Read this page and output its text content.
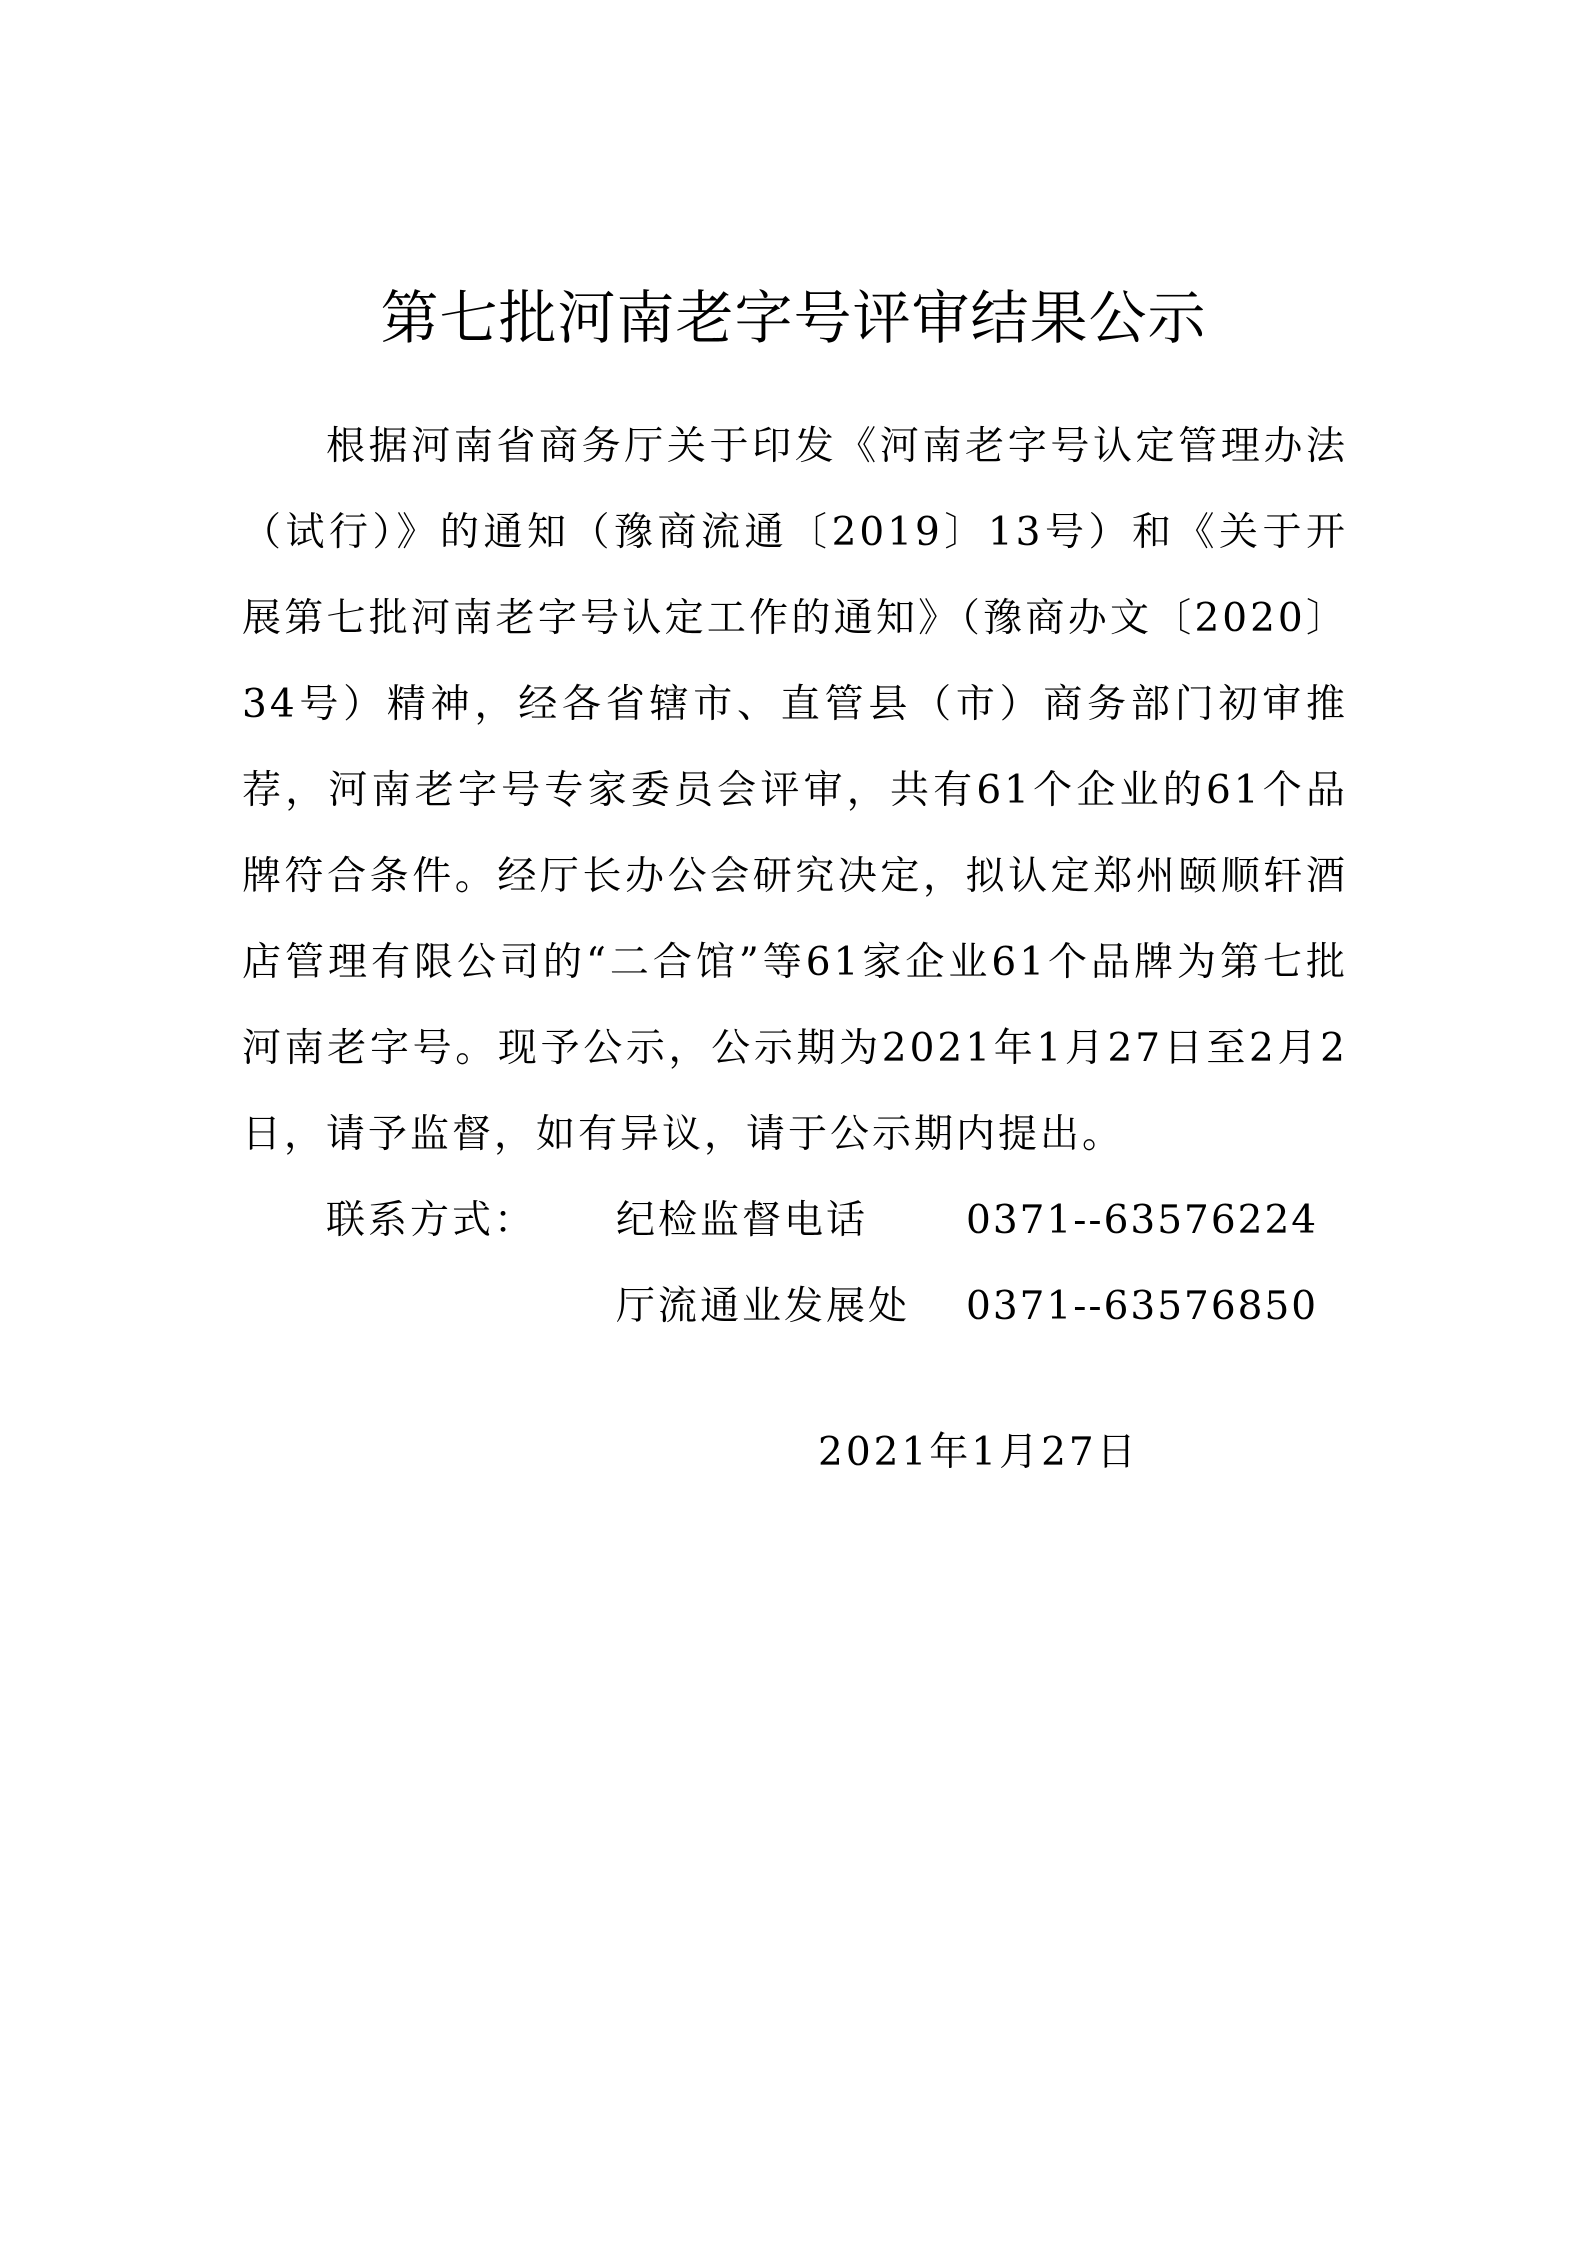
第七批河南老字号评审结果公示

根据河南省商务厅关于印发《河南老字号认定管理办法（试行）》的通知（豫商流通〔2019〕13号）和《关于开展第七批河南老字号认定工作的通知》（豫商办文〔2020〕34号）精神，经各省辖市、直管县（市）商务部门初审推荐，河南老字号专家委员会评审，共有61个企业的61个品牌符合条件。经厅长办公会研究决定，拟认定郑州颐顺轩酒店管理有限公司的“二合馆”等61家企业61个品牌为第七批河南老字号。现予公示，公示期为2021年1月27日至2月2日，请予监督，如有异议，请于公示期内提出。

联系方式：	纪检监督电话	0371--63576224
厅流通业发展处	0371--63576850
2021年1月27日
